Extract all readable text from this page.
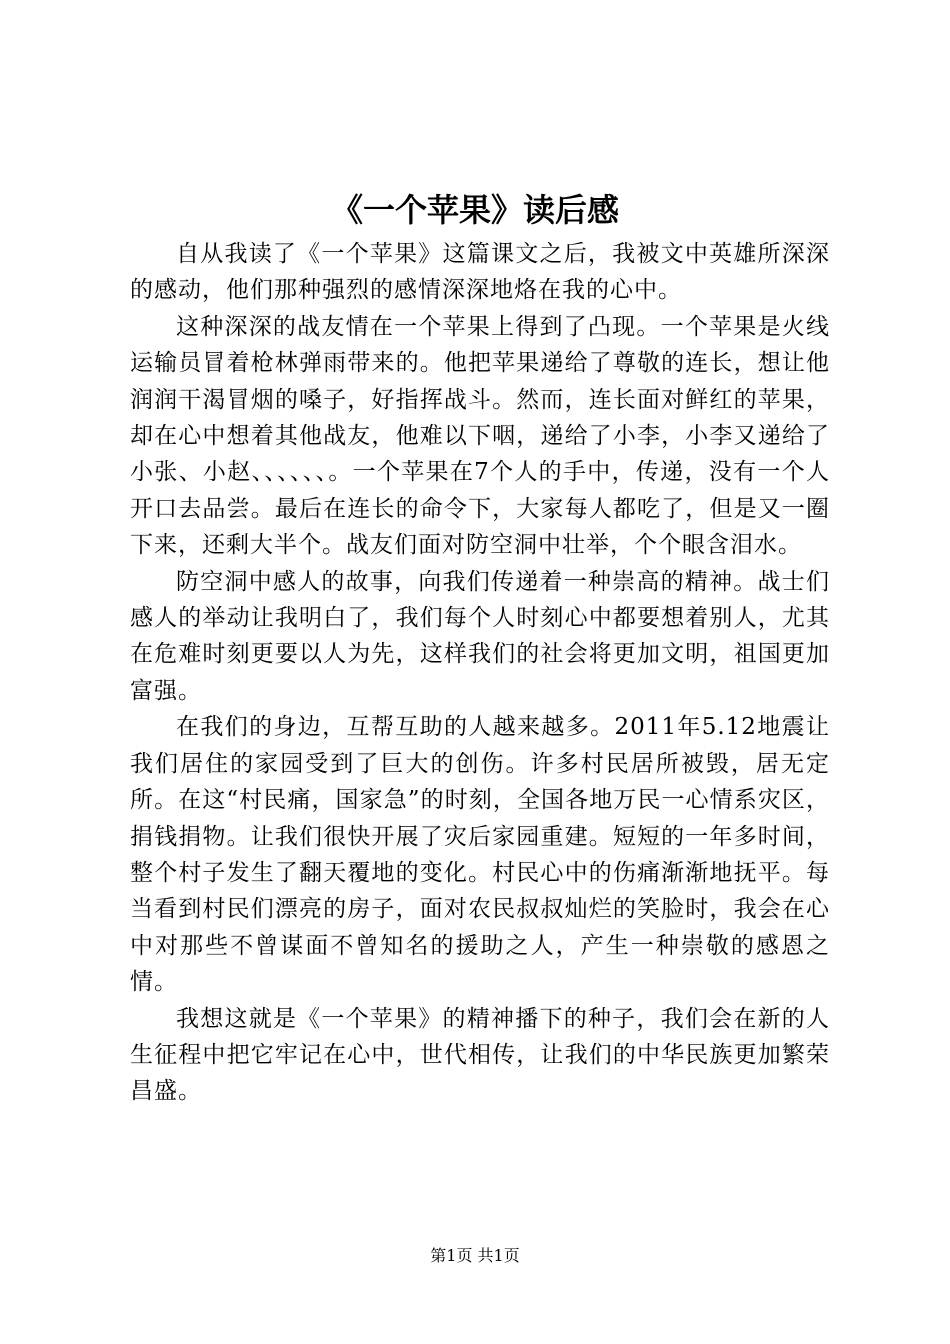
《一个苹果》读后感

自从我读了《一个苹果》这篇课文之后，我被文中英雄所深深的感动，他们那种强烈的感情深深地烙在我的心中。

这种深深的战友情在一个苹果上得到了凸现。一个苹果是火线运输员冒着枪林弹雨带来的。他把苹果递给了尊敬的连长，想让他润润干渴冒烟的嗓子，好指挥战斗。然而，连长面对鲜红的苹果，却在心中想着其他战友，他难以下咽，递给了小李，小李又递给了小张、小赵、、、、、、。一个苹果在7个人的手中，传递，没有一个人开口去品尝。最后在连长的命令下，大家每人都吃了，但是又一圈下来，还剩大半个。战友们面对防空洞中壮举，个个眼含泪水。

防空洞中感人的故事，向我们传递着一种崇高的精神。战士们感人的举动让我明白了，我们每个人时刻心中都要想着别人，尤其在危难时刻更要以人为先，这样我们的社会将更加文明，祖国更加富强。

在我们的身边，互帮互助的人越来越多。2011年5.12地震让我们居住的家园受到了巨大的创伤。许多村民居所被毁，居无定所。在这“村民痛，国家急”的时刻，全国各地万民一心情系灾区，捐钱捐物。让我们很快开展了灾后家园重建。短短的一年多时间，整个村子发生了翻天覆地的变化。村民心中的伤痛渐渐地抚平。每当看到村民们漂亮的房子，面对农民叔叔灿烂的笑脸时，我会在心中对那些不曾谋面不曾知名的援助之人，产生一种崇敬的感恩之情。

我想这就是《一个苹果》的精神播下的种子，我们会在新的人生征程中把它牢记在心中，世代相传，让我们的中华民族更加繁荣昌盛。

第1页 共1页
